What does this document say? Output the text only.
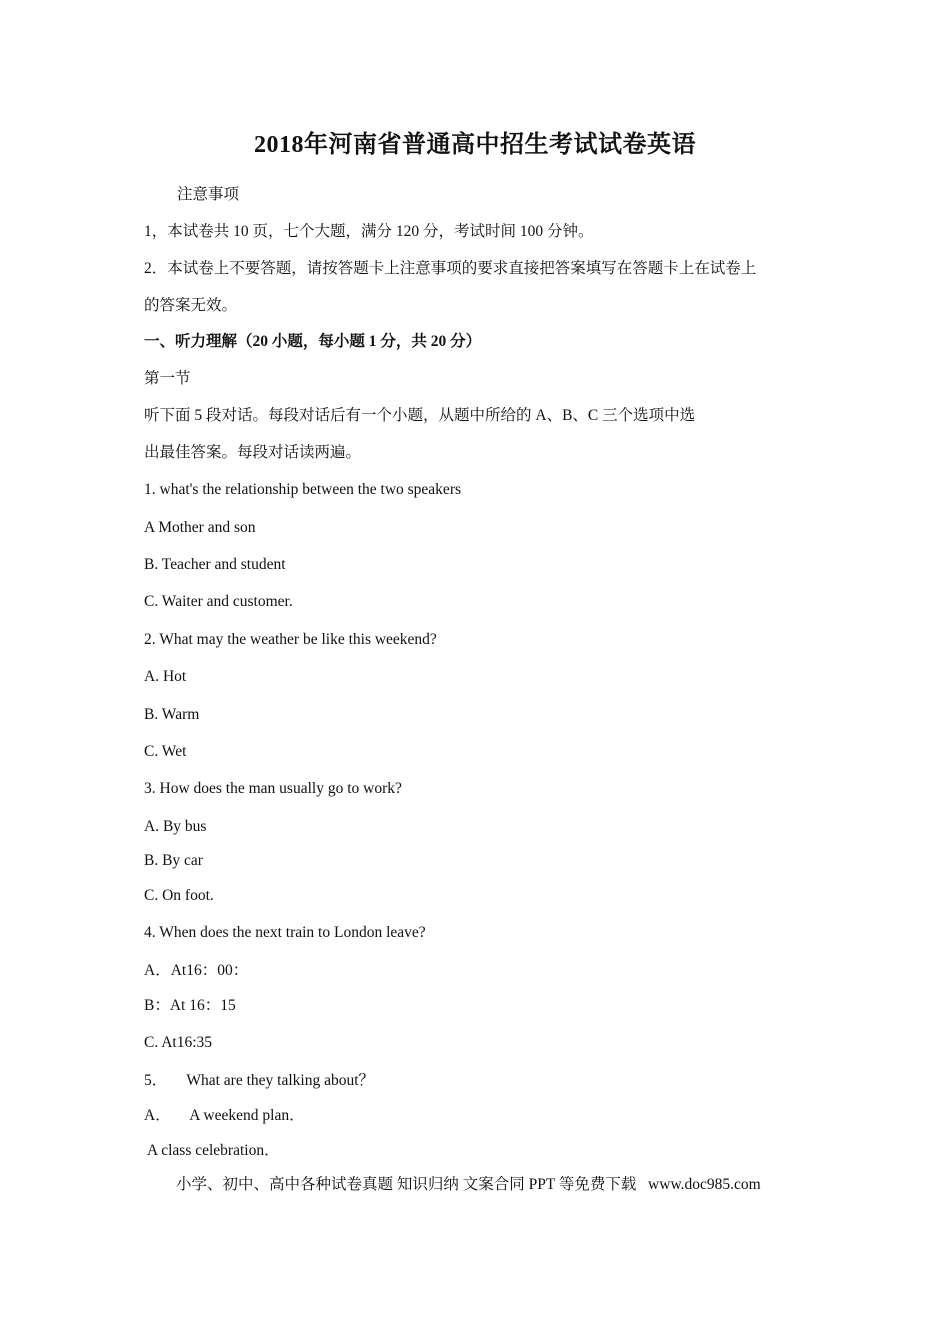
2018年河南省普通高中招生考试试卷英语
注意事项
1，本试卷共 10 页，七个大题，满分 120 分，考试时间 100 分钟。
2．本试卷上不要答题，请按答题卡上注意事项的要求直接把答案填写在答题卡上在试卷上
的答案无效。
一、听力理解（20 小题，每小题 1 分，共 20 分）
第一节
听下面 5 段对话。每段对话后有一个小题，从题中所给的 A、B、C 三个选项中选
出最佳答案。每段对话读两遍。
1. what's the relationship between the two speakers
A Mother and son
B. Teacher and student
C. Waiter and customer.
2. What may the weather be like this weekend?
A. Hot
B. Warm
C. Wet
3. How does the man usually go to work?
A. By bus
B. By car
C. On foot.
4. When does the next train to London leave?
A．At16：00：
B：At 16：15
C. At16:35
5．     What are they talking about？
A．     A weekend plan．
A class celebration．
小学、初中、高中各种试卷真题 知识归纳 文案合同 PPT 等免费下载   www.doc985.com
